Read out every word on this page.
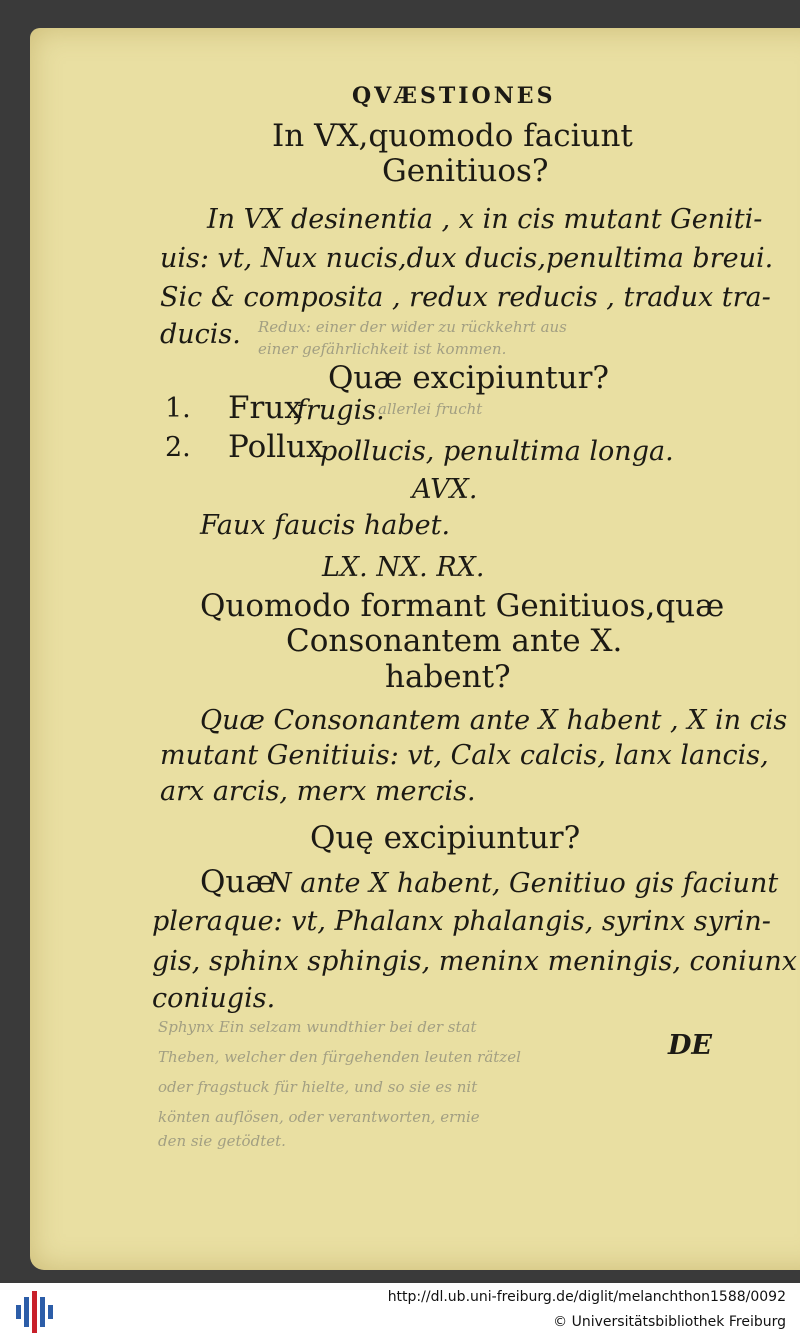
QVÆSTIONES
In VX,quomodo faciunt
Genitiuos?
In VX desinentia , x in cis mutant Geniti-
uis: vt, Nux nucis,dux ducis,penultima breui.
Sic & composita , redux reducis , tradux tra-
ducis.
Quæ excipiuntur?
1. Frux
frugis.
2. Pollux
pollucis, penultima longa.
AVX.
Faux faucis habet.
LX. NX. RX.
Quomodo formant Genitiuos,quæ
Consonantem ante X.
habent?
Quæ Consonantem ante X habent , X in cis
mutant Genitiuis: vt, Calx calcis, lanx lancis,
arx arcis, merx mercis.
Quę excipiuntur?
Quæ
N ante X habent, Genitiuo gis faciunt
pleraque: vt, Phalanx phalangis, syrinx syrin-
gis, sphinx sphingis, meninx meningis, coniunx
coniugis.
DE
Redux: einer der wider zu rückkehrt aus
einer gefährlichkeit ist kommen.
allerlei frucht
Sphynx Ein selzam wundthier bei der stat
Theben, welcher den fürgehenden leuten rätzel
oder fragstuck für hielte, und so sie es nit
könten auflösen, oder verantworten, ernie
den sie getödtet.
http://dl.ub.uni-freiburg.de/diglit/melanchthon1588/0092
© Universitätsbibliothek Freiburg
